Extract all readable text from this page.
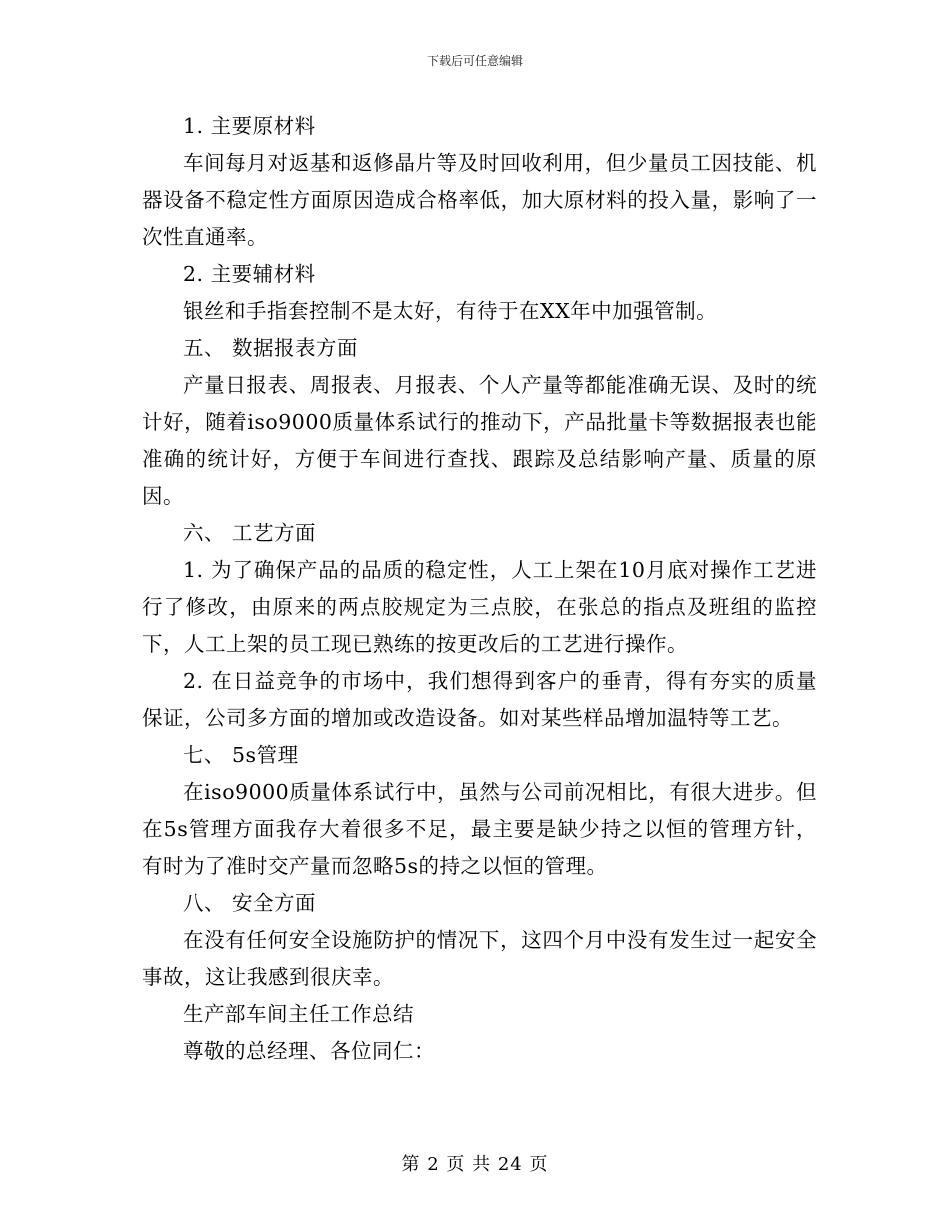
下载后可任意编辑

1. 主要原材料

车间每月对返基和返修晶片等及时回收利用，但少量员工因技能、机器设备不稳定性方面原因造成合格率低，加大原材料的投入量，影响了一次性直通率。

2. 主要辅材料

银丝和手指套控制不是太好，有待于在XX年中加强管制。

五、 数据报表方面

产量日报表、周报表、月报表、个人产量等都能准确无误、及时的统计好，随着iso9000质量体系试行的推动下，产品批量卡等数据报表也能准确的统计好，方便于车间进行查找、跟踪及总结影响产量、质量的原因。

六、 工艺方面

1. 为了确保产品的品质的稳定性，人工上架在10月底对操作工艺进行了修改，由原来的两点胶规定为三点胶，在张总的指点及班组的监控下，人工上架的员工现已熟练的按更改后的工艺进行操作。

2. 在日益竞争的市场中，我们想得到客户的垂青，得有夯实的质量保证，公司多方面的增加或改造设备。如对某些样品增加温特等工艺。

七、 5s管理

在iso9000质量体系试行中，虽然与公司前况相比，有很大进步。但在5s管理方面我存大着很多不足，最主要是缺少持之以恒的管理方针，有时为了准时交产量而忽略5s的持之以恒的管理。

八、 安全方面

在没有任何安全设施防护的情况下，这四个月中没有发生过一起安全事故，这让我感到很庆幸。

生产部车间主任工作总结

尊敬的总经理、各位同仁：

第 2 页 共 24 页
